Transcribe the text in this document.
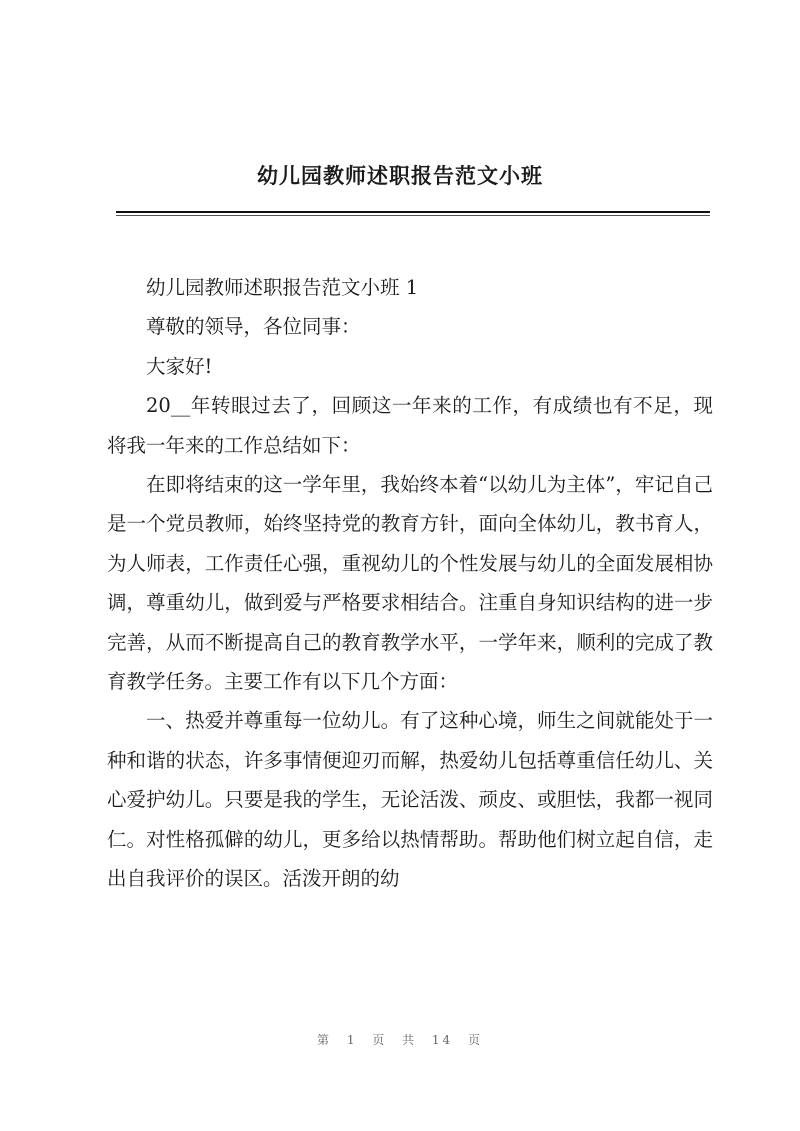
幼儿园教师述职报告范文小班

幼儿园教师述职报告范文小班 1

尊敬的领导，各位同事：

大家好!

20__年转眼过去了，回顾这一年来的工作，有成绩也有不足，现将我一年来的工作总结如下：

在即将结束的这一学年里，我始终本着“以幼儿为主体”，牢记自己是一个党员教师，始终坚持党的教育方针，面向全体幼儿，教书育人，为人师表，工作责任心强，重视幼儿的个性发展与幼儿的全面发展相协调，尊重幼儿，做到爱与严格要求相结合。注重自身知识结构的进一步完善，从而不断提高自己的教育教学水平，一学年来，顺利的完成了教育教学任务。主要工作有以下几个方面：

一、热爱并尊重每一位幼儿。有了这种心境，师生之间就能处于一种和谐的状态，许多事情便迎刃而解，热爱幼儿包括尊重信任幼儿、关心爱护幼儿。只要是我的学生，无论活泼、顽皮、或胆怯，我都一视同仁。对性格孤僻的幼儿，更多给以热情帮助。帮助他们树立起自信，走出自我评价的误区。活泼开朗的幼

第 1 页 共 14 页
